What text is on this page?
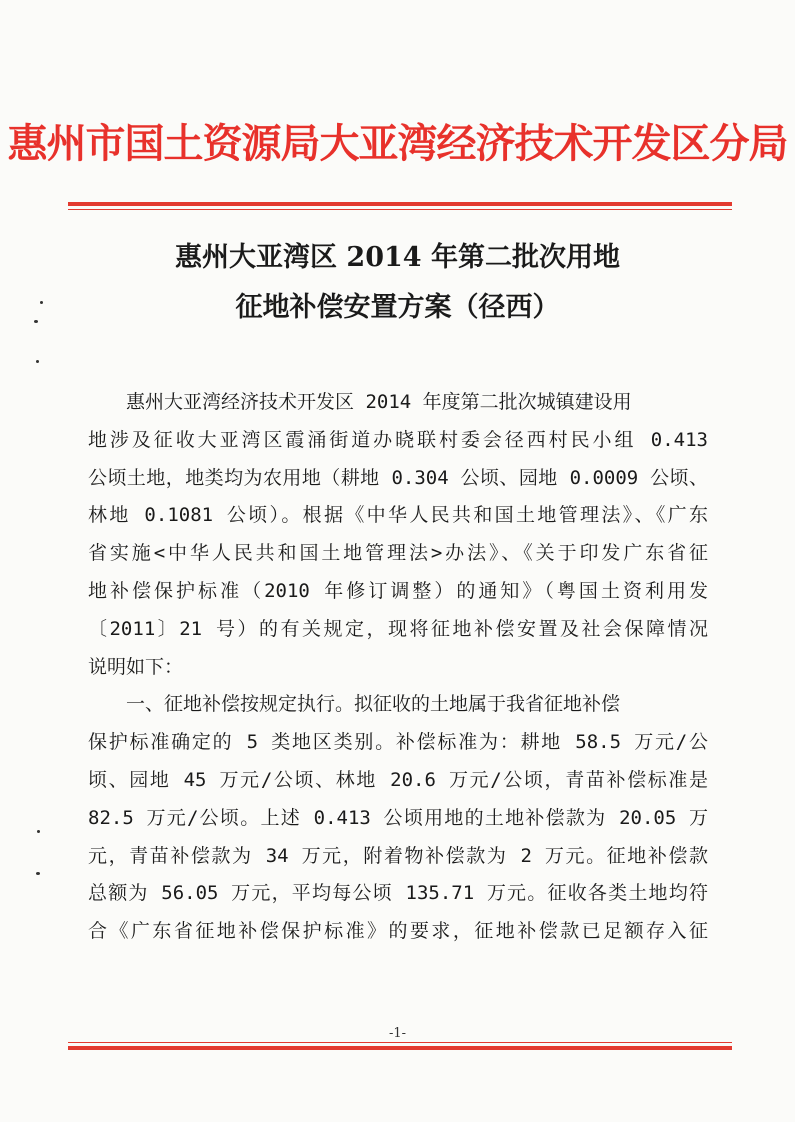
惠州市国土资源局大亚湾经济技术开发区分局
惠州大亚湾区 2014 年第二批次用地
征地补偿安置方案（径西）
惠州大亚湾经济技术开发区 2014 年度第二批次城镇建设用
地涉及征收大亚湾区霞涌街道办晓联村委会径西村民小组 0.413
公顷土地，地类均为农用地（耕地 0.304 公顷、园地 0.0009 公顷、
林地 0.1081 公顷）。根据《中华人民共和国土地管理法》、《广东
省实施<中华人民共和国土地管理法>办法》、《关于印发广东省征
地补偿保护标准（2010 年修订调整）的通知》（粤国土资利用发
〔2011〕21 号）的有关规定，现将征地补偿安置及社会保障情况
说明如下：
一、征地补偿按规定执行。拟征收的土地属于我省征地补偿
保护标准确定的 5 类地区类别。补偿标准为：耕地 58.5 万元/公
顷、园地 45 万元/公顷、林地 20.6 万元/公顷，青苗补偿标准是
82.5 万元/公顷。上述 0.413 公顷用地的土地补偿款为 20.05 万
元，青苗补偿款为 34 万元，附着物补偿款为 2 万元。征地补偿款
总额为 56.05 万元，平均每公顷 135.71 万元。征收各类土地均符
合《广东省征地补偿保护标准》的要求，征地补偿款已足额存入征
-1-
